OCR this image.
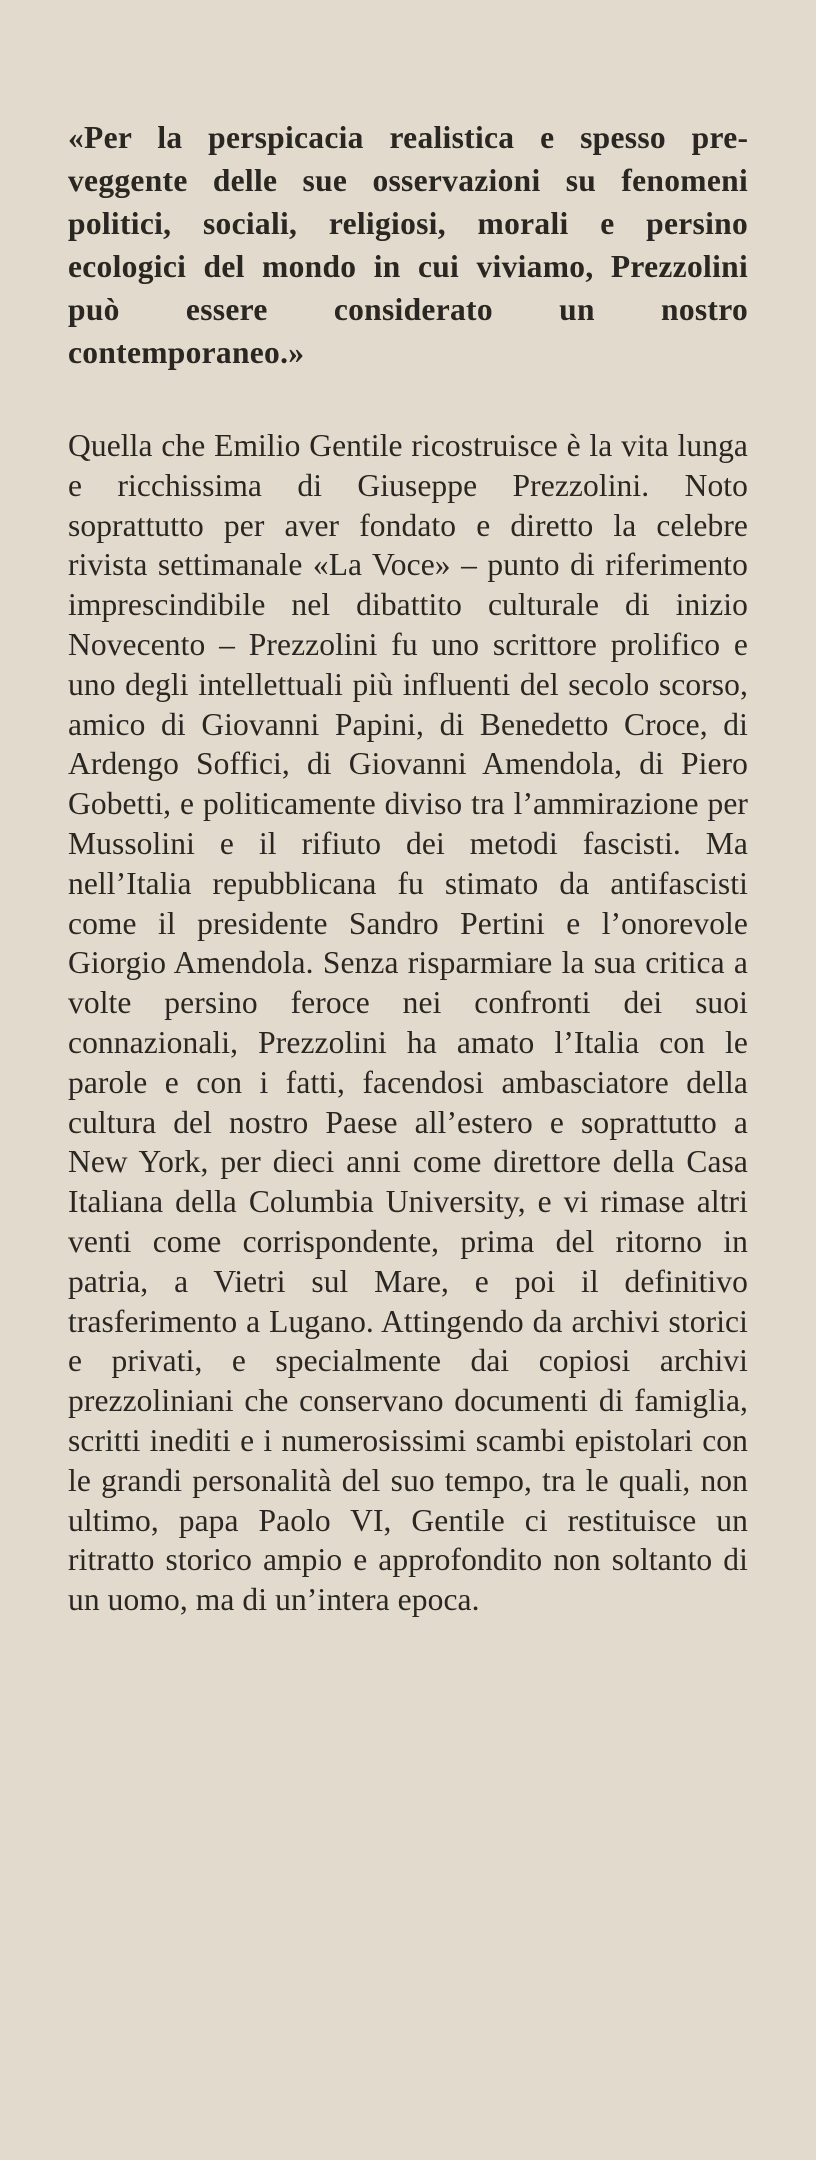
«Per la perspicacia realistica e spesso preveggente delle sue osservazioni su fenomeni politici, sociali, religiosi, morali e persino ecologici del mondo in cui viviamo, Prezzolini può essere considerato un nostro contemporaneo.»

Quella che Emilio Gentile ricostruisce è la vita lunga e ricchissima di Giuseppe Prezzolini. Noto soprattutto per aver fondato e diretto la celebre rivista settimanale «La Voce» – punto di riferimento imprescindibile nel dibattito culturale di inizio Novecento – Prezzolini fu uno scrittore prolifico e uno degli intellettuali più influenti del secolo scorso, amico di Giovanni Papini, di Benedetto Croce, di Ardengo Soffici, di Giovanni Amendola, di Piero Gobetti, e politicamente diviso tra l’ammirazione per Mussolini e il rifiuto dei metodi fascisti. Ma nell’Italia repubblicana fu stimato da antifascisti come il presidente Sandro Pertini e l’onorevole Giorgio Amendola. Senza risparmiare la sua critica a volte persino feroce nei confronti dei suoi connazionali, Prezzolini ha amato l’Italia con le parole e con i fatti, facendosi ambasciatore della cultura del nostro Paese all’estero e soprattutto a New York, per dieci anni come direttore della Casa Italiana della Columbia University, e vi rimase altri venti come corrispondente, prima del ritorno in patria, a Vietri sul Mare, e poi il definitivo trasferimento a Lugano. Attingendo da archivi storici e privati, e specialmente dai copiosi archivi prezzoliniani che conservano documenti di famiglia, scritti inediti e i numerosissimi scambi epistolari con le grandi personalità del suo tempo, tra le quali, non ultimo, papa Paolo VI, Gentile ci restituisce un ritratto storico ampio e approfondito non soltanto di un uomo, ma di un’intera epoca.
